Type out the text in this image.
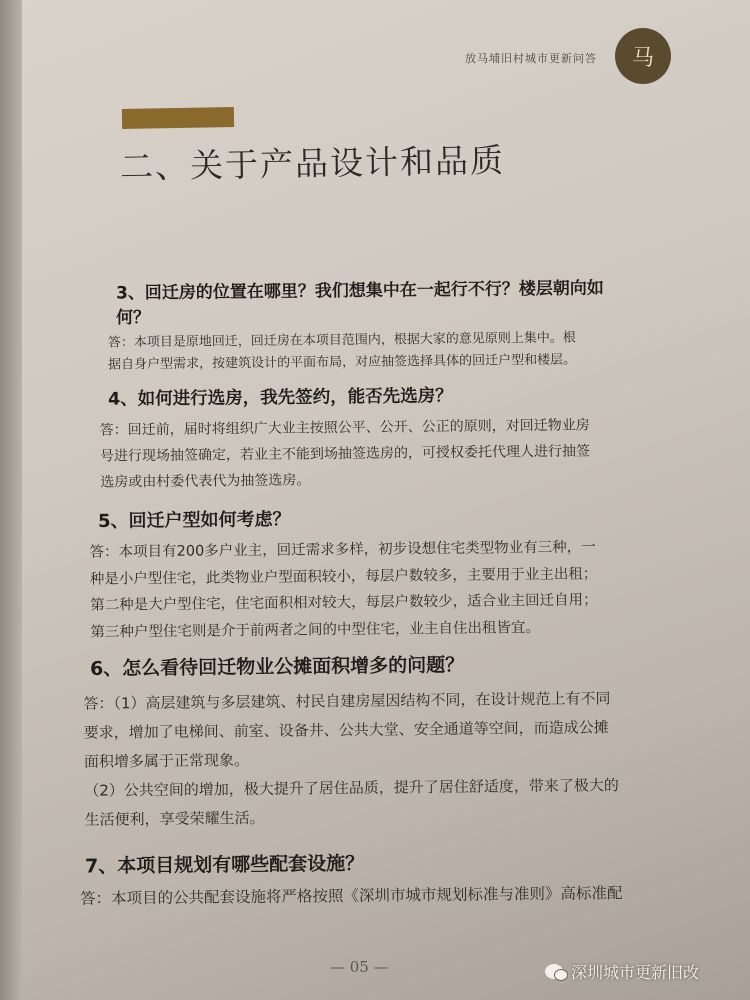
放马埔旧村城市更新问答	马
二、关于产品设计和品质
3、回迁房的位置在哪里？我们想集中在一起行不行？楼层朝向如
何？
答：本项目是原地回迁，回迁房在本项目范围内，根据大家的意见原则上集中。根
据自身户型需求，按建筑设计的平面布局，对应抽签选择具体的回迁户型和楼层。
4、如何进行选房，我先签约，能否先选房？
答：回迁前，届时将组织广大业主按照公平、公开、公正的原则，对回迁物业房
号进行现场抽签确定，若业主不能到场抽签选房的，可授权委托代理人进行抽签
选房或由村委代表代为抽签选房。
5、回迁户型如何考虑？
答：本项目有200多户业主，回迁需求多样，初步设想住宅类型物业有三种，一
种是小户型住宅，此类物业户型面积较小，每层户数较多，主要用于业主出租；
第二种是大户型住宅，住宅面积相对较大，每层户数较少，适合业主回迁自用；
第三种户型住宅则是介于前两者之间的中型住宅，业主自住出租皆宜。
6、怎么看待回迁物业公摊面积增多的问题？
答：（1）高层建筑与多层建筑、村民自建房屋因结构不同，在设计规范上有不同
要求，增加了电梯间、前室、设备井、公共大堂、安全通道等空间，而造成公摊
面积增多属于正常现象。
（2）公共空间的增加，极大提升了居住品质，提升了居住舒适度，带来了极大的
生活便利，享受荣耀生活。
7、本项目规划有哪些配套设施？
答：本项目的公共配套设施将严格按照《深圳市城市规划标准与准则》高标准配
— 05 —	深圳城市更新旧改
